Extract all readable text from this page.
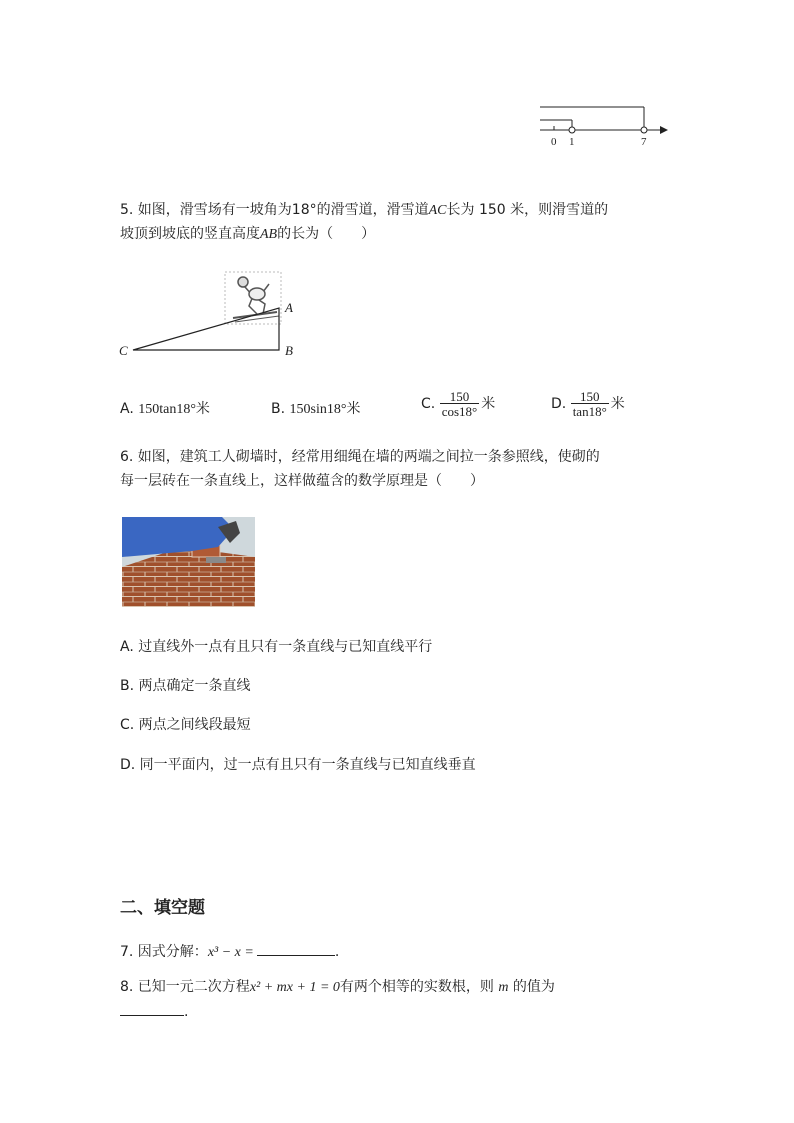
0 1	7
5. 如图，滑雪场有一坡角为18°的滑雪道，滑雪道AC长为 150 米，则滑雪道的
坡顶到坡底的竖直高度AB的长为（　　）
A
B
C
A. 150tan18°米	B. 150sin18°米	C. $\frac{150}{\cos 18^\circ}$ 米	D. $\frac{150}{\tan 18^\circ}$ 米
6. 如图，建筑工人砌墙时，经常用细绳在墙的两端之间拉一条参照线，使砌的
每一层砖在一条直线上，这样做蕴含的数学原理是（　　）
A. 过直线外一点有且只有一条直线与已知直线平行
B. 两点确定一条直线
C. 两点之间线段最短
D. 同一平面内，过一点有且只有一条直线与已知直线垂直
二、填空题
7. 因式分解：x³ − x =	.
8. 已知一元二次方程x² + mx + 1 = 0有两个相等的实数根，则 m 的值为
.
